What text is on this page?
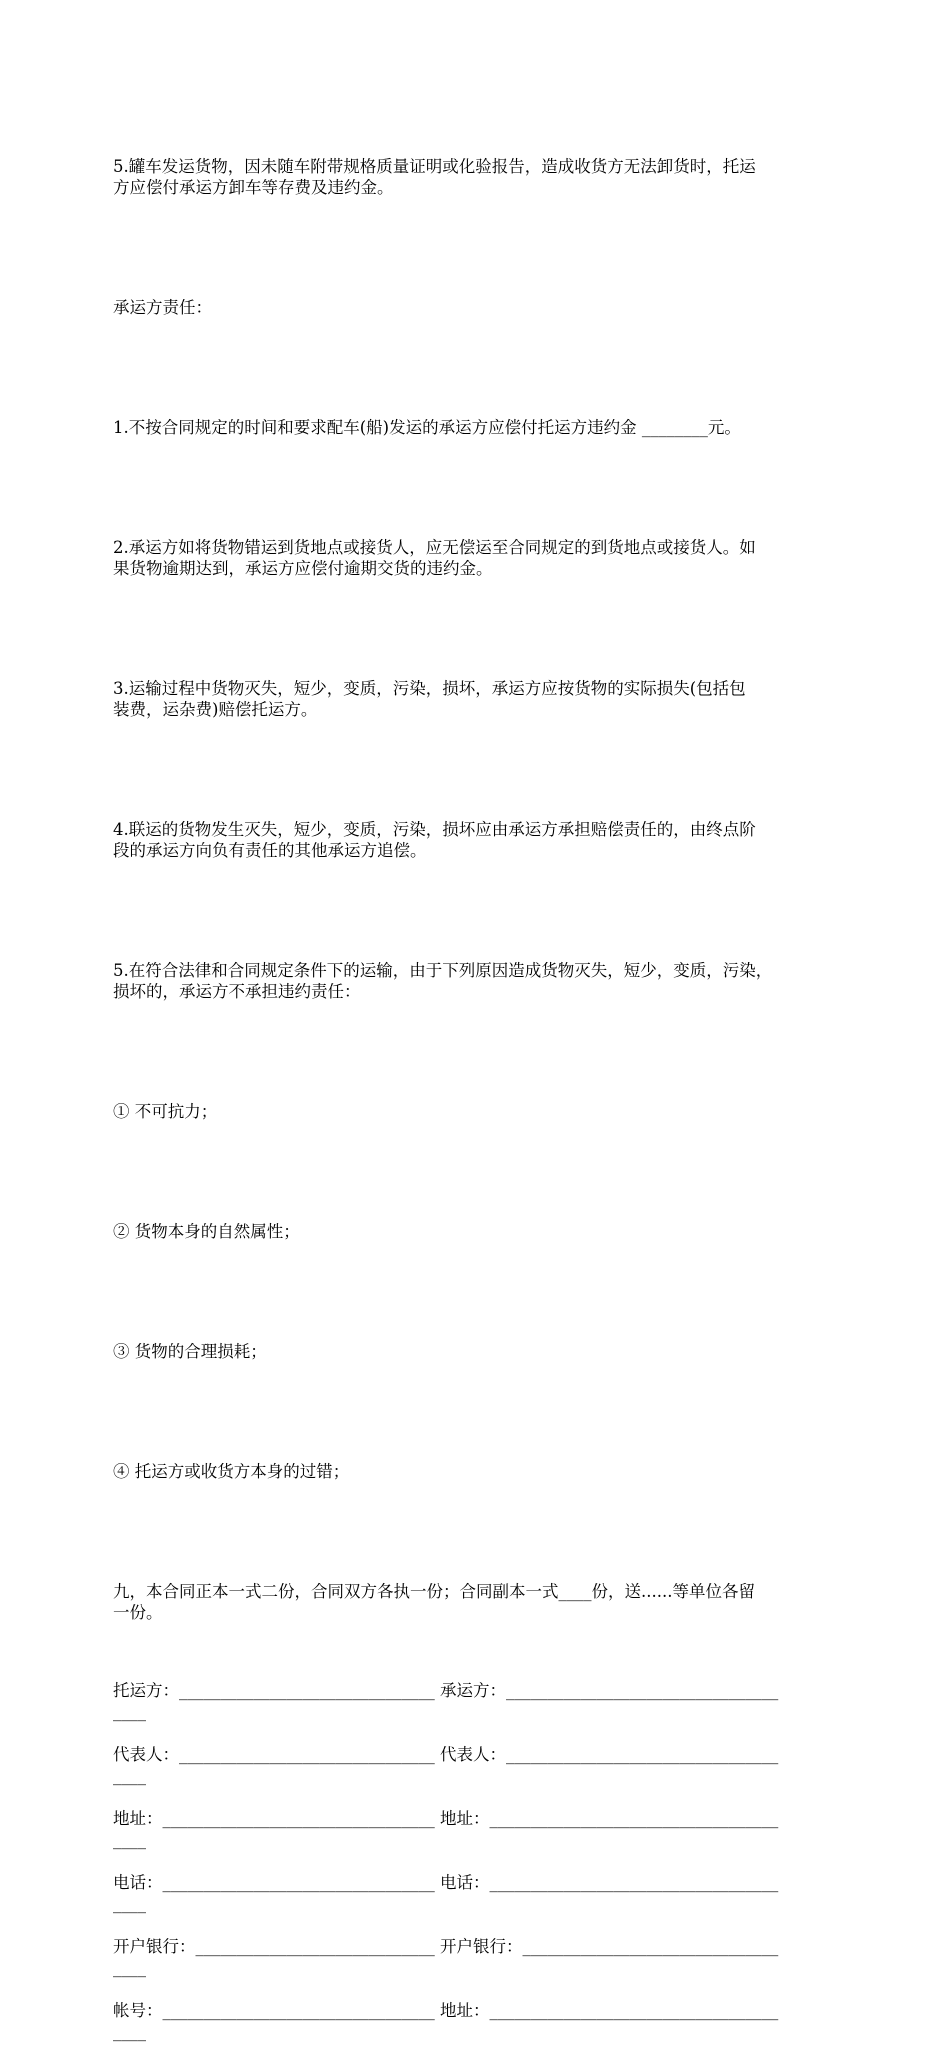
5.罐车发运货物，因未随车附带规格质量证明或化验报告，造成收货方无法卸货时，托运
方应偿付承运方卸车等存费及违约金。

承运方责任：

1.不按合同规定的时间和要求配车(船)发运的承运方应偿付托运方违约金 ________元。

2.承运方如将货物错运到货地点或接货人，应无偿运至合同规定的到货地点或接货人。如
果货物逾期达到，承运方应偿付逾期交货的违约金。

3.运输过程中货物灭失，短少，变质，污染，损坏，承运方应按货物的实际损失(包括包
装费，运杂费)赔偿托运方。

4.联运的货物发生灭失，短少，变质，污染，损坏应由承运方承担赔偿责任的，由终点阶
段的承运方向负有责任的其他承运方追偿。

5.在符合法律和合同规定条件下的运输，由于下列原因造成货物灭失，短少，变质，污染，
损坏的，承运方不承担违约责任：

① 不可抗力；

② 货物本身的自然属性；

③ 货物的合理损耗；

④ 托运方或收货方本身的过错；

九，本合同正本一式二份，合同双方各执一份；合同副本一式____份，送......等单位各留
一份。

托运方：_______________________________ 承运方：_________________________________
____
代表人：_______________________________ 代表人：_________________________________
____
地址：_________________________________ 地址：___________________________________
____
电话：_________________________________ 电话：___________________________________
____
开户银行：_____________________________ 开户银行：_______________________________
____
帐号：_________________________________ 地址：___________________________________
____
